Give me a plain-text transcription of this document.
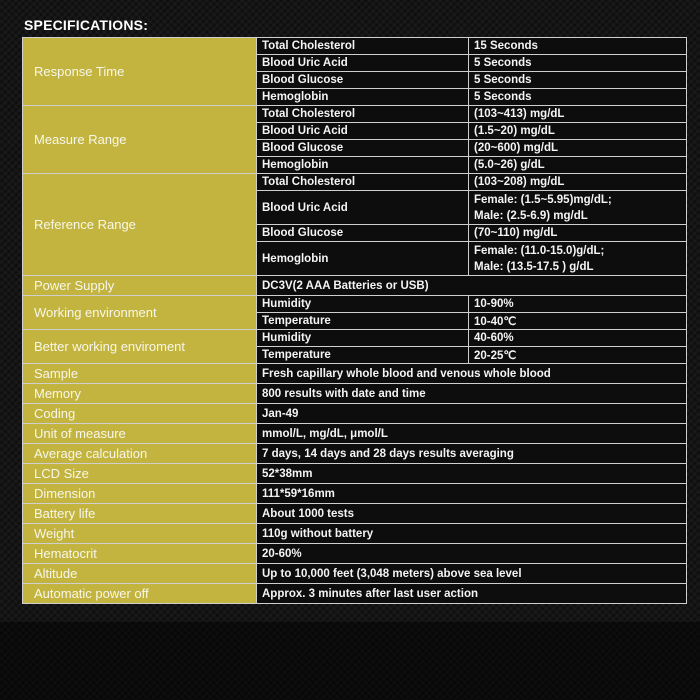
SPECIFICATIONS:
Response Time	Total Cholesterol	15 Seconds
	Blood Uric Acid	5 Seconds
	Blood Glucose	5 Seconds
	Hemoglobin	5 Seconds
Measure Range	Total Cholesterol	(103~413) mg/dL
	Blood Uric Acid	(1.5~20) mg/dL
	Blood Glucose	(20~600) mg/dL
	Hemoglobin	(5.0~26) g/dL
Reference Range	Total Cholesterol	(103~208) mg/dL
	Blood Uric Acid	Female: (1.5~5.95)mg/dL;
Male: (2.5-6.9) mg/dL

	Blood Glucose	(70~110) mg/dL
	Hemoglobin	Female: (11.0-15.0)g/dL;
Male: (13.5-17.5 ) g/dL

Power Supply	DC3V(2 AAA Batteries or USB)	
Working environment	Humidity	10-90%
	Temperature	10-40℃
Better working enviroment	Humidity	40-60%
	Temperature	20-25℃
Sample	Fresh capillary whole blood and venous whole blood	
Memory	800 results with date and time	
Coding	Jan-49	
Unit of measure	mmol/L, mg/dL, μmol/L	
Average calculation	7 days, 14 days and 28 days results averaging	
LCD Size	52*38mm	
Dimension	111*59*16mm	
Battery life	About 1000 tests	
Weight	110g without battery	
Hematocrit	20-60%	
Altitude	Up to 10,000 feet (3,048 meters) above sea level	
Automatic power off	Approx. 3 minutes after last user action	
